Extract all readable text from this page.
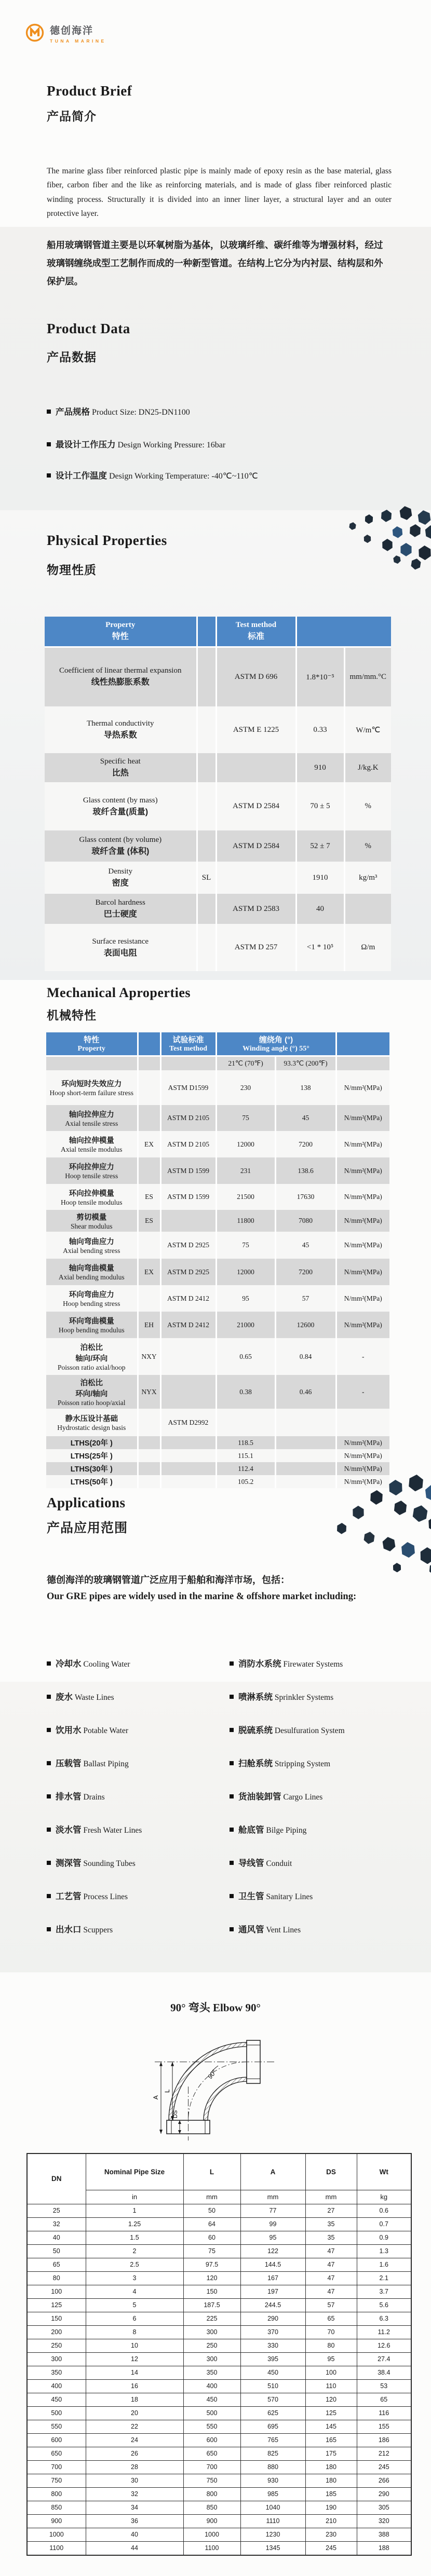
德创海洋
TUNA MARINE
Product Brief
产品简介
The marine glass fiber reinforced plastic pipe is mainly made of epoxy resin as the base material, glass fiber, carbon fiber and the like as reinforcing materials, and is made of glass fiber reinforced plastic winding process. Structurally it is divided into an inner liner layer, a structural layer and an outer protective layer.
船用玻璃钢管道主要是以环氧树脂为基体，以玻璃纤维、碳纤维等为增强材料，经过玻璃钢缠绕成型工艺制作而成的一种新型管道。在结构上它分为内衬层、结构层和外保护层。
Product Data
产品数据
产品规格 Product Size: DN25-DN1100
最设计工作压力 Design Working Pressure: 16bar
设计工作温度 Design Working Temperature: -40℃~110℃
Physical Properties
物理性质
Property
特性

Test method
标准

Coefficient of linear thermal expansion
线性热膨胀系数		ASTM D 696	1.8*10⁻⁵	mm/mm.°C

Thermal conductivity
导热系数		ASTM E 1225	0.33	W/m℃

Specific heat
比热			910	J/kg.K

Glass content (by mass)
玻纤含量(质量)		ASTM D 2584	70 ± 5	%

Glass content (by volume)
玻纤含量 (体积)		ASTM D 2584	52 ± 7	%

Density
密度	SL		1910	kg/m³

Barcol hardness
巴士硬度		ASTM D 2583	40	

Surface resistance
表面电阻		ASTM D 257	<1 * 10⁵	Ω/m
Mechanical Aproperties
机械特性
特性
Property

试验标准
Test method

缠绕角 (°)
Winding angle (°) 55°

			21℃ (70℉)	93.3℃ (200℉)	

环向短时失效应力
Hoop short-term failure stress		ASTM D1599	230	138	N/mm²(MPa)

轴向拉伸应力
Axial tensile stress		ASTM D 2105	75	45	N/mm²(MPa)

轴向拉伸模量
Axial tensile modulus	EX	ASTM D 2105	12000	7200	N/mm²(MPa)

环向拉伸应力
Hoop tensile stress		ASTM D 1599	231	138.6	N/mm²(MPa)

环向拉伸模量
Hoop tensile modulus	ES	ASTM D 1599	21500	17630	N/mm²(MPa)

剪切模量
Shear modulus	ES		11800	7080	N/mm²(MPa)

轴向弯曲应力
Axial bending stress		ASTM D 2925	75	45	N/mm²(MPa)

轴向弯曲模量
Axial bending modulus	EX	ASTM D 2925	12000	7200	N/mm²(MPa)

环向弯曲应力
Hoop bending stress		ASTM D 2412	95	57	N/mm²(MPa)

环向弯曲模量
Hoop bending modulus	EH	ASTM D 2412	21000	12600	N/mm²(MPa)

泊松比
轴向/环向
Poisson ratio axial/hoop	NXY		0.65	0.84	-

泊松比
环向/轴向
Poisson ratio hoop/axial	NYX		0.38	0.46	-

静水压设计基础
Hydrostatic design basis		ASTM D2992			

LTHS(20年 )			118.5		N/mm²(MPa)

LTHS(25年 )			115.1		N/mm²(MPa)

LTHS(30年 )			112.4		N/mm²(MPa)

LTHS(50年 )			105.2		N/mm²(MPa)
Applications
产品应用范围
德创海洋的玻璃钢管道广泛应用于船舶和海洋市场，包括：
Our GRE pipes are widely used in the marine & offshore market including:
冷却水 Cooling Water
废水 Waste Lines
饮用水 Potable Water
压载管 Ballast Piping
排水管 Drains
淡水管 Fresh Water Lines
测深管 Sounding Tubes
工艺管 Process Lines
出水口 Scuppers
消防水系统 Firewater Systems
喷淋系统 Sprinkler Systems
脱硫系统 Desulfuration System
扫舱系统 Stripping System
货油装卸管 Cargo Lines
舱底管 Bilge Piping
导线管 Conduit
卫生管 Sanitary Lines
通风管 Vent Lines
90° 弯头 Elbow 90°
90°
A
L
DS
DN	Nominal Pipe Size	L	A	DS	Wt
	in	mm	mm	mm	kg
25	1	50	77	27	0.6
32	1.25	64	99	35	0.7
40	1.5	60	95	35	0.9
50	2	75	122	47	1.3
65	2.5	97.5	144.5	47	1.6
80	3	120	167	47	2.1
100	4	150	197	47	3.7
125	5	187.5	244.5	57	5.6
150	6	225	290	65	6.3
200	8	300	370	70	11.2
250	10	250	330	80	12.6
300	12	300	395	95	27.4
350	14	350	450	100	38.4
400	16	400	510	110	53
450	18	450	570	120	65
500	20	500	625	125	116
550	22	550	695	145	155
600	24	600	765	165	186
650	26	650	825	175	212
700	28	700	880	180	245
750	30	750	930	180	266
800	32	800	985	185	290
850	34	850	1040	190	305
900	36	900	1110	210	320
1000	40	1000	1230	230	388
1100	44	1100	1345	245	188
